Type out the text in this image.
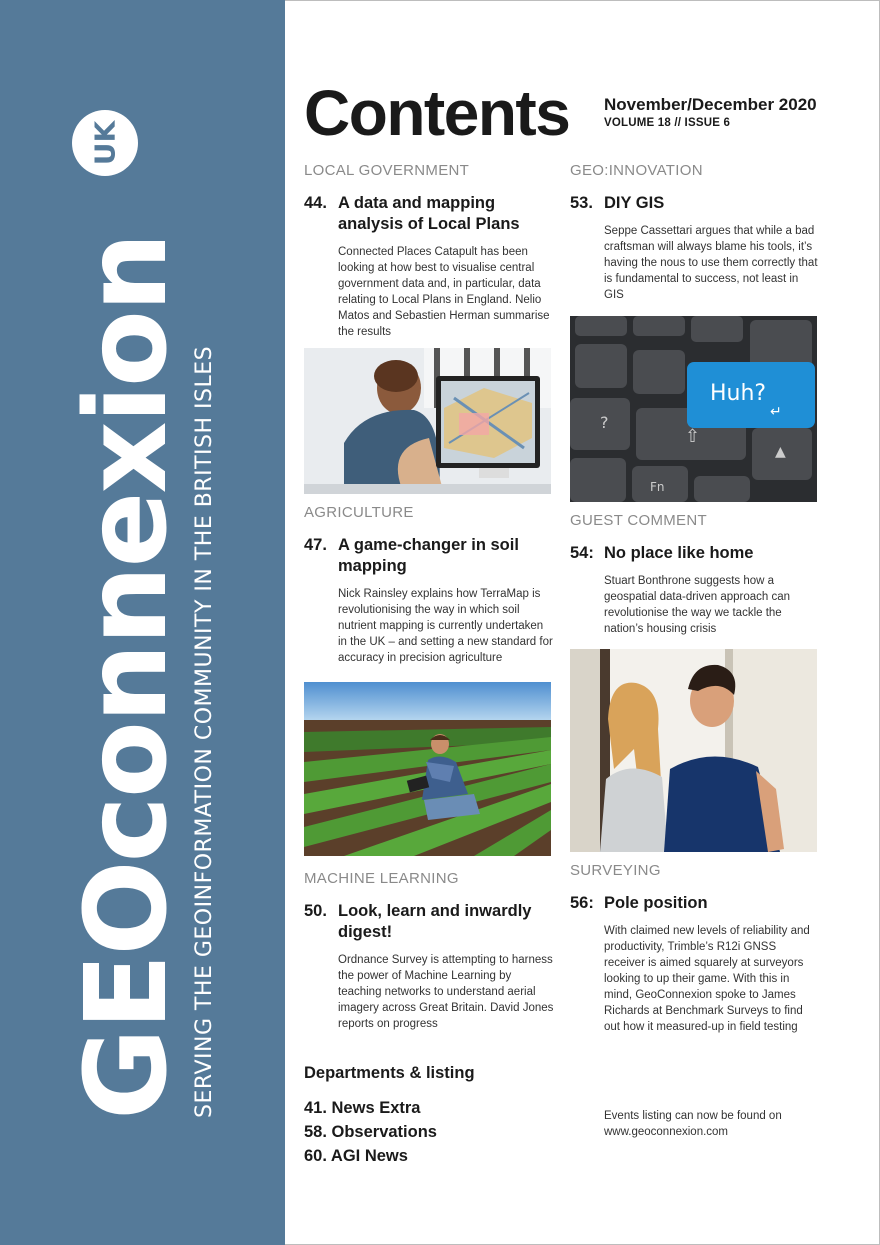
GEOconnexion
UK
SERVING THE GEOINFORMATION COMMUNITY IN THE BRITISH ISLES
Contents November/December 2020
VOLUME 18 // ISSUE 6
LOCAL GOVERNMENT
44. A data and mapping analysis of Local Plans
Connected Places Catapult has been looking at how best to visualise central government data and, in particular, data relating to Local Plans in England. Nelio Matos and Sebastien Herman summarise the results
GEO:INNOVATION
53. DIY GIS
Seppe Cassettari argues that while a bad craftsman will always blame his tools, it’s having the nous to use them correctly that is fundamental to success, not least in GIS
Huh?
↵
?
⇧
▲
Fn
AGRICULTURE
47. A game-changer in soil mapping
Nick Rainsley explains how TerraMap is revolutionising the way in which soil nutrient mapping is currently undertaken in the UK – and setting a new standard for accuracy in precision agriculture
GUEST COMMENT
54: No place like home
Stuart Bonthrone suggests how a geospatial data-driven approach can revolutionise the way we tackle the nation’s housing crisis
MACHINE LEARNING
50. Look, learn and inwardly digest!
Ordnance Survey is attempting to harness the power of Machine Learning by teaching networks to understand aerial imagery across Great Britain. David Jones reports on progress
SURVEYING
56: Pole position
With claimed new levels of reliability and productivity, Trimble’s R12i GNSS receiver is aimed squarely at surveyors looking to up their game. With this in mind, GeoConnexion spoke to James Richards at Benchmark Surveys to find out how it measured-up in field testing
Departments & listing
41. News Extra
58. Observations
60. AGI News
Events listing can now be found on www.geoconnexion.com
